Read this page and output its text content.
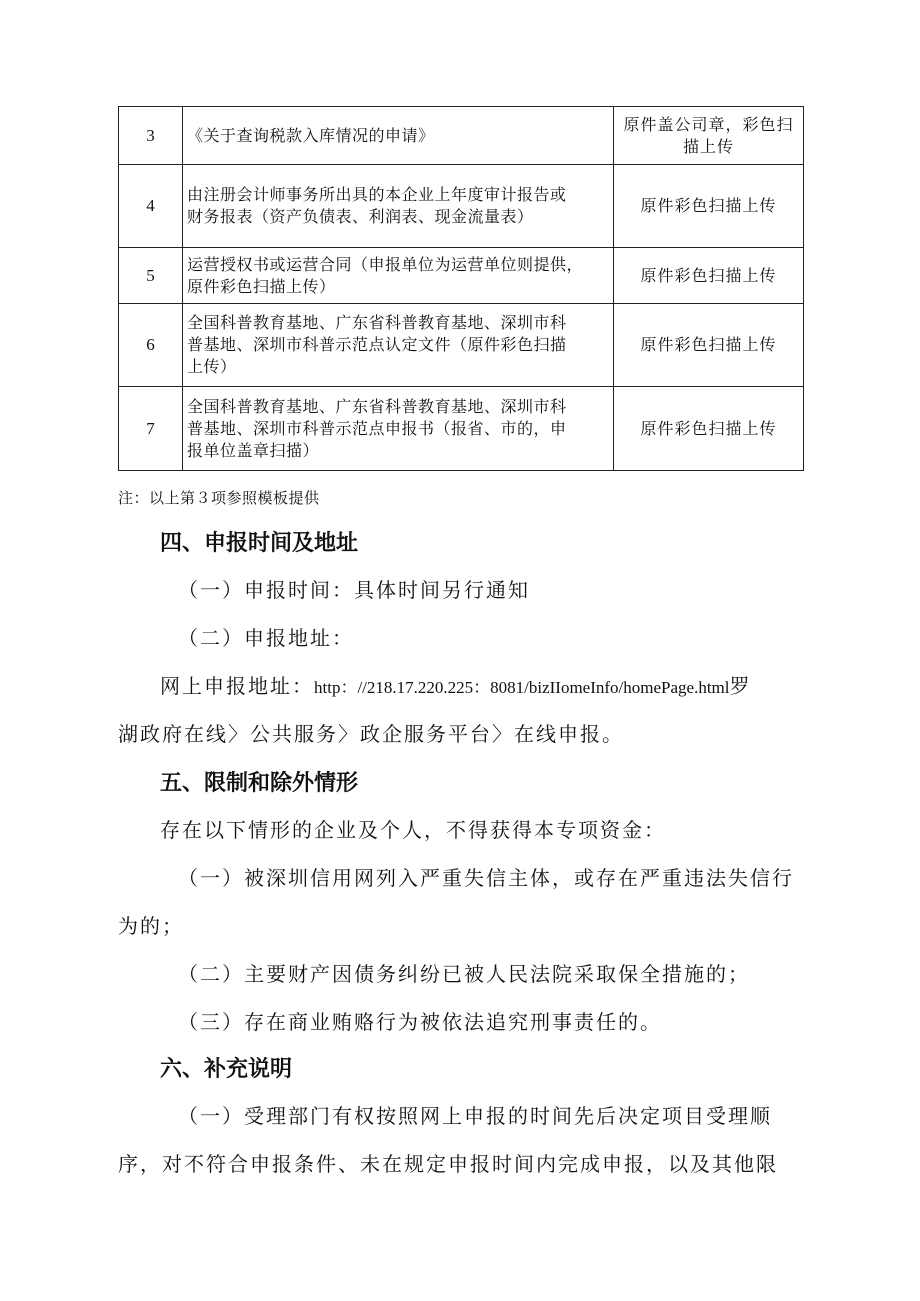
3	《关于查询税款入库情况的申请》	原件盖公司章，彩色扫
描上传

4	由注册会计师事务所出具的本企业上年度审计报告或
财务报表（资产负债表、利润表、现金流量表）	原件彩色扫描上传
5	运营授权书或运营合同（申报单位为运营单位则提供，
原件彩色扫描上传）	原件彩色扫描上传
6	全国科普教育基地、广东省科普教育基地、深圳市科
普基地、深圳市科普示范点认定文件（原件彩色扫描
上传）	原件彩色扫描上传
7	全国科普教育基地、广东省科普教育基地、深圳市科
普基地、深圳市科普示范点申报书（报省、市的，申
报单位盖章扫描）	原件彩色扫描上传
注：以上第３项参照模板提供
四、申报时间及地址
（一）申报时间：具体时间另行通知
（二）申报地址：
网上申报地址：http：//218.17.220.225：8081/bizIIomeInfo/homePage.html罗
湖政府在线〉公共服务〉政企服务平台〉在线申报。
五、限制和除外情形
存在以下情形的企业及个人，不得获得本专项资金：
（一）被深圳信用网列入严重失信主体，或存在严重违法失信行
为的；
（二）主要财产因债务纠纷已被人民法院采取保全措施的；
（三）存在商业贿赂行为被依法追究刑事责任的。
六、补充说明
（一）受理部门有权按照网上申报的时间先后决定项目受理顺
序，对不符合申报条件、未在规定申报时间内完成申报，以及其他限
